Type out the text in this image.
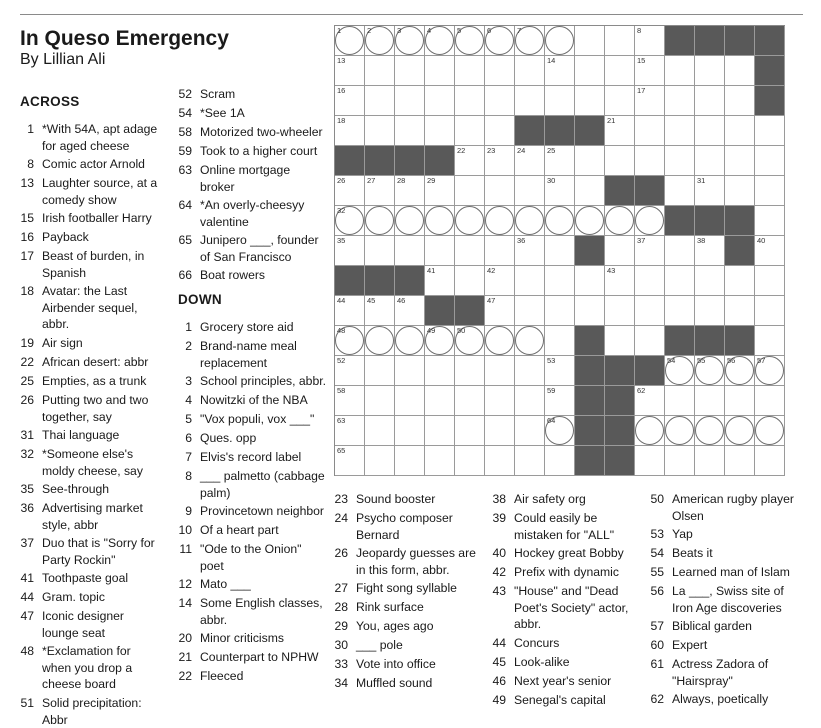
In Queso Emergency
By Lillian Ali
ACROSS
DOWN
1	2	3	4	5	6	7	8
13	14	15
16	17
18	21
22	23	24	25
26	27	28	29	30	31
32
35	36	37	38	40
41	42	43
44	45	46	47
48	49	50
52	53	54	55	56	57
58	59	62
63	64
65
1 *With 54A, apt adage for aged cheese
8 Comic actor Arnold
13 Laughter source, at a comedy show
15 Irish footballer Harry
16 Payback
17 Beast of burden, in Spanish
18 Avatar: the Last Airbender sequel, abbr.
19 Air sign
22 African desert: abbr
25 Empties, as a trunk
26 Putting two and two together, say
31 Thai language
32 *Someone else's moldy cheese, say
35 See-through
36 Advertising market style, abbr
37 Duo that is "Sorry for Party Rockin"
41 Toothpaste goal
44 Gram. topic
47 Iconic designer lounge seat
48 *Exclamation for when you drop a cheese board
51 Solid precipitation: Abbr
52 Scram
54 *See 1A
58 Motorized two-wheeler
59 Took to a higher court
63 Online mortgage broker
64 *An overly-cheesyy valentine
65 Junipero ___, founder of San Francisco
66 Boat rowers
1 Grocery store aid
2 Brand-name meal replacement
3 School principles, abbr.
4 Nowitzki of the NBA
5 "Vox populi, vox ___"
6 Ques. opp
7 Elvis's record label
8 ___ palmetto (cabbage palm)
9 Provincetown neighbor
10 Of a heart part
11 "Ode to the Onion" poet
12 Mato ___
14 Some English classes, abbr.
20 Minor criticisms
21 Counterpart to NPHW
22 Fleeced
23 Sound booster
24 Psycho composer Bernard
26 Jeopardy guesses are in this form, abbr.
27 Fight song syllable
28 Rink surface
29 You, ages ago
30 ___ pole
33 Vote into office
34 Muffled sound
38 Air safety org
39 Could easily be mistaken for "ALL"
40 Hockey great Bobby
42 Prefix with dynamic
43 "House" and "Dead Poet's Society" actor, abbr.
44 Concurs
45 Look-alike
46 Next year's senior
49 Senegal's capital
50 American rugby player Olsen
53 Yap
54 Beats it
55 Learned man of Islam
56 La ___, Swiss site of Iron Age discoveries
57 Biblical garden
60 Expert
61 Actress Zadora of "Hairspray"
62 Always, poetically
